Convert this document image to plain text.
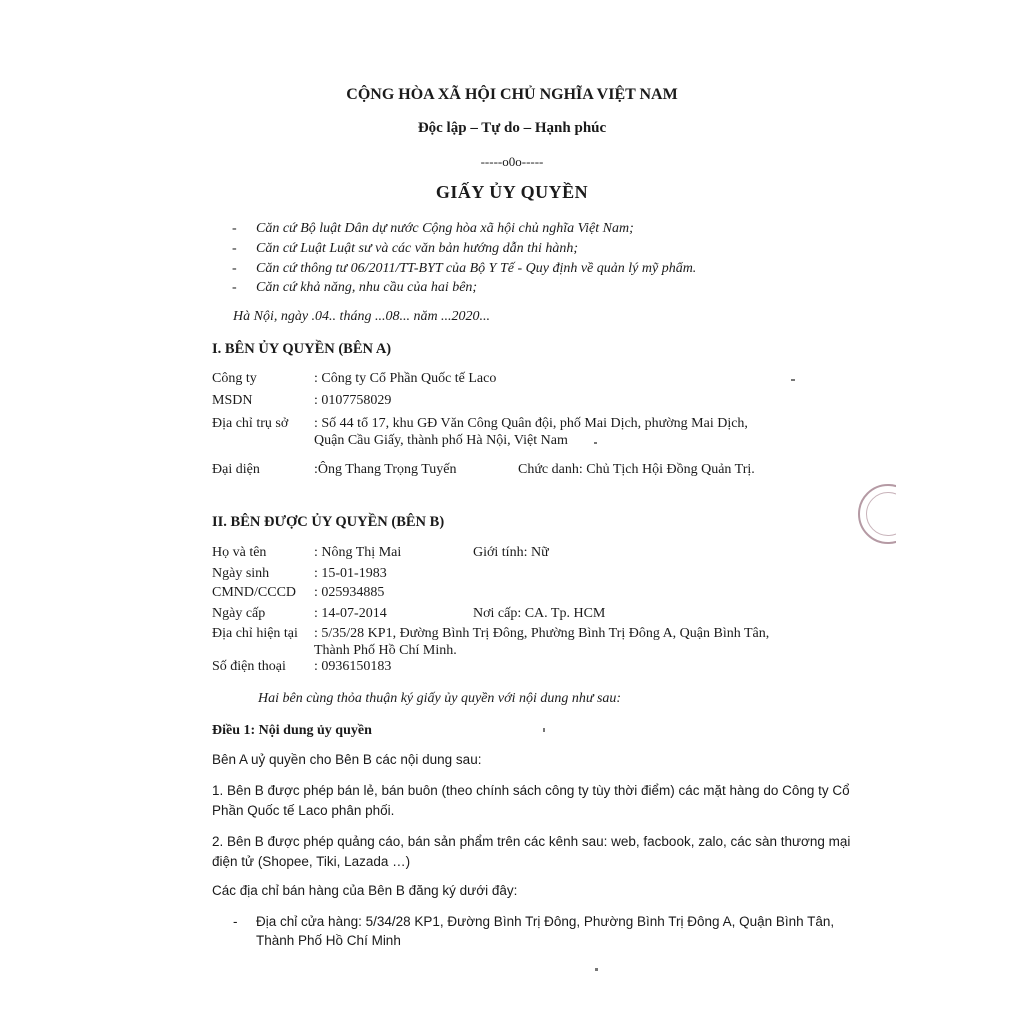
CỘNG HÒA XÃ HỘI CHỦ NGHĨA VIỆT NAM
Độc lập – Tự do – Hạnh phúc
-----o0o-----
GIẤY ỦY QUYỀN
- Căn cứ Bộ luật Dân dự nước Cộng hòa xã hội chủ nghĩa Việt Nam;
- Căn cứ Luật Luật sư và các văn bản hướng dẫn thi hành;
- Căn cứ thông tư 06/2011/TT-BYT của Bộ Y Tế - Quy định về quản lý mỹ phẩm.
- Căn cứ khả năng, nhu cầu của hai bên;
Hà Nội, ngày .04.. tháng ...08... năm ...2020...
I. BÊN ỦY QUYỀN (BÊN A)
Công ty	: Công ty Cổ Phần Quốc tế Laco
MSDN	: 0107758029
Địa chỉ trụ sở : Số 44 tổ 17, khu GĐ Văn Công Quân đội, phố Mai Dịch, phường Mai Dịch,
Quận Cầu Giấy, thành phố Hà Nội, Việt Nam
Đại diện	:Ông Thang Trọng Tuyến	Chức danh: Chủ Tịch Hội Đồng Quản Trị.
II. BÊN ĐƯỢC ỦY QUYỀN (BÊN B)
Họ và tên	: Nông Thị Mai	Giới tính: Nữ
Ngày sinh	: 15-01-1983
CMND/CCCD : 025934885
Ngày cấp	: 14-07-2014	Nơi cấp: CA. Tp. HCM
Địa chỉ hiện tại : 5/35/28 KP1, Đường Bình Trị Đông, Phường Bình Trị Đông A, Quận Bình Tân,
Thành Phố Hồ Chí Minh.
Số điện thoại : 0936150183
Hai bên cùng thỏa thuận ký giấy ủy quyền với nội dung như sau:
Điều 1: Nội dung ủy quyền
Bên A uỷ quyền cho Bên B các nội dung sau:
1. Bên B được phép bán lẻ, bán buôn (theo chính sách công ty tùy thời điểm) các mặt hàng do Công ty Cổ
Phần Quốc tế Laco phân phối.
2. Bên B được phép quảng cáo, bán sản phẩm trên các kênh sau: web, facbook, zalo, các sàn thương mại
điện tử (Shopee, Tiki, Lazada …)
Các địa chỉ bán hàng của Bên B đăng ký dưới đây:
- Địa chỉ cửa hàng: 5/34/28 KP1, Đường Bình Trị Đông, Phường Bình Trị Đông A, Quận Bình Tân,
Thành Phố Hồ Chí Minh
